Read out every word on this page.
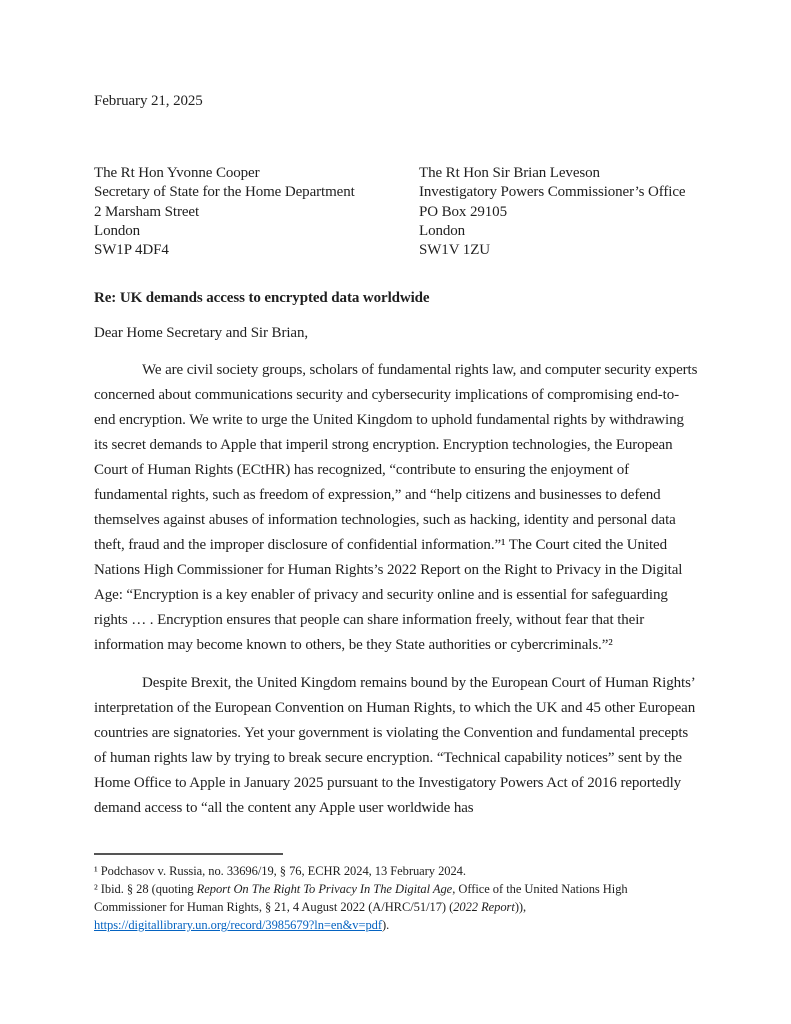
February 21, 2025
The Rt Hon Yvonne Cooper
Secretary of State for the Home Department
2 Marsham Street
London
SW1P 4DF4
The Rt Hon Sir Brian Leveson
Investigatory Powers Commissioner’s Office
PO Box 29105
London
SW1V 1ZU
Re: UK demands access to encrypted data worldwide
Dear Home Secretary and Sir Brian,

We are civil society groups, scholars of fundamental rights law, and computer security experts concerned about communications security and cybersecurity implications of compromising end-to-end encryption. We write to urge the United Kingdom to uphold fundamental rights by withdrawing its secret demands to Apple that imperil strong encryption. Encryption technologies, the European Court of Human Rights (ECtHR) has recognized, “contribute to ensuring the enjoyment of fundamental rights, such as freedom of expression,” and “help citizens and businesses to defend themselves against abuses of information technologies, such as hacking, identity and personal data theft, fraud and the improper disclosure of confidential information.”¹ The Court cited the United Nations High Commissioner for Human Rights’s 2022 Report on the Right to Privacy in the Digital Age: “Encryption is a key enabler of privacy and security online and is essential for safeguarding rights … . Encryption ensures that people can share information freely, without fear that their information may become known to others, be they State authorities or cybercriminals.”²

Despite Brexit, the United Kingdom remains bound by the European Court of Human Rights’ interpretation of the European Convention on Human Rights, to which the UK and 45 other European countries are signatories. Yet your government is violating the Convention and fundamental precepts of human rights law by trying to break secure encryption. “Technical capability notices” sent by the Home Office to Apple in January 2025 pursuant to the Investigatory Powers Act of 2016 reportedly demand access to “all the content any Apple user worldwide has

¹ Podchasov v. Russia, no. 33696/19, § 76, ECHR 2024, 13 February 2024.
² Ibid. § 28 (quoting Report On The Right To Privacy In The Digital Age, Office of the United Nations High Commissioner for Human Rights, § 21, 4 August 2022 (A/HRC/51/17) (2022 Report)), https://digitallibrary.un.org/record/3985679?ln=en&v=pdf).
